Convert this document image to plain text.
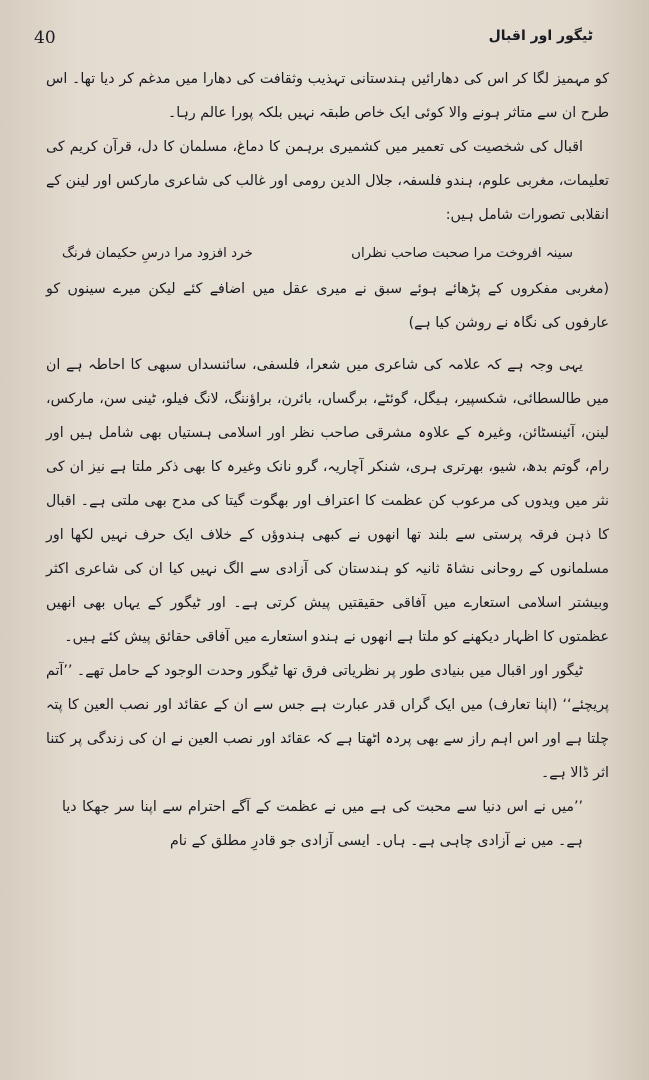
40	ٹیگور اور اقبال

کو مہمیز لگا کر اس کی دھارائیں ہندستانی تہذیب وثقافت کی دھارا میں مدغم کر دیا تھا۔ اس طرح ان سے متاثر ہونے والا کوئی ایک خاص طبقہ نہیں بلکہ پورا عالم رہا۔

اقبال کی شخصیت کی تعمیر میں کشمیری برہمن کا دماغ، مسلمان کا دل، قرآن کریم کی تعلیمات، مغربی علوم، ہندو فلسفہ، جلال الدین رومی اور غالب کی شاعری مارکس اور لینن کے انقلابی تصورات شامل ہیں:

سینہ افروخت مرا صحبت صاحب نظراں
خرد افزود مرا درسِ حکیمان فرنگ

(مغربی مفکروں کے پڑھائے ہوئے سبق نے میری عقل میں اضافے کئے لیکن میرے سینوں کو عارفوں کی نگاہ نے روشن کیا ہے)

یہی وجہ ہے کہ علامہ کی شاعری میں شعرا، فلسفی، سائنسداں سبھی کا احاطہ ہے ان میں طالسطائی، شکسپیر، ہیگل، گوئٹے، برگساں، بائرن، براؤننگ، لانگ فیلو، ٹینی سن، مارکس، لینن، آئینسٹائن، وغیرہ کے علاوہ مشرقی صاحب نظر اور اسلامی ہستیاں بھی شامل ہیں اور رام، گوتم بدھ، شیو، بھرتری ہری، شنکر آچاریہ، گرو نانک وغیرہ کا بھی ذکر ملتا ہے نیز ان کی نثر میں ویدوں کی مرعوب کن عظمت کا اعتراف اور بھگوت گیتا کی مدح بھی ملتی ہے۔ اقبال کا ذہن فرقہ پرستی سے بلند تھا انھوں نے کبھی ہندوؤں کے خلاف ایک حرف نہیں لکھا اور مسلمانوں کے روحانی نشاۃ ثانیہ کو ہندستان کی آزادی سے الگ نہیں کیا ان کی شاعری اکثر وبیشتر اسلامی استعارے میں آفاقی حقیقتیں پیش کرتی ہے۔ اور ٹیگور کے یہاں بھی انھیں عظمتوں کا اظہار دیکھنے کو ملتا ہے انھوں نے ہندو استعارے میں آفاقی حقائق پیش کئے ہیں۔

ٹیگور اور اقبال میں بنیادی طور پر نظریاتی فرق تھا ٹیگور وحدت الوجود کے حامل تھے۔ ’’آتم پریچئے‘‘ (اپنا تعارف) میں ایک گراں قدر عبارت ہے جس سے ان کے عقائد اور نصب العین کا پتہ چلتا ہے اور اس اہم راز سے بھی پردہ اٹھتا ہے کہ عقائد اور نصب العین نے ان کی زندگی پر کتنا اثر ڈالا ہے۔

’’میں نے اس دنیا سے محبت کی ہے میں نے عظمت کے آگے احترام سے اپنا سر جھکا دیا ہے۔ میں نے آزادی چاہی ہے۔ ہاں۔ ایسی آزادی جو قادرِ مطلق کے نام
